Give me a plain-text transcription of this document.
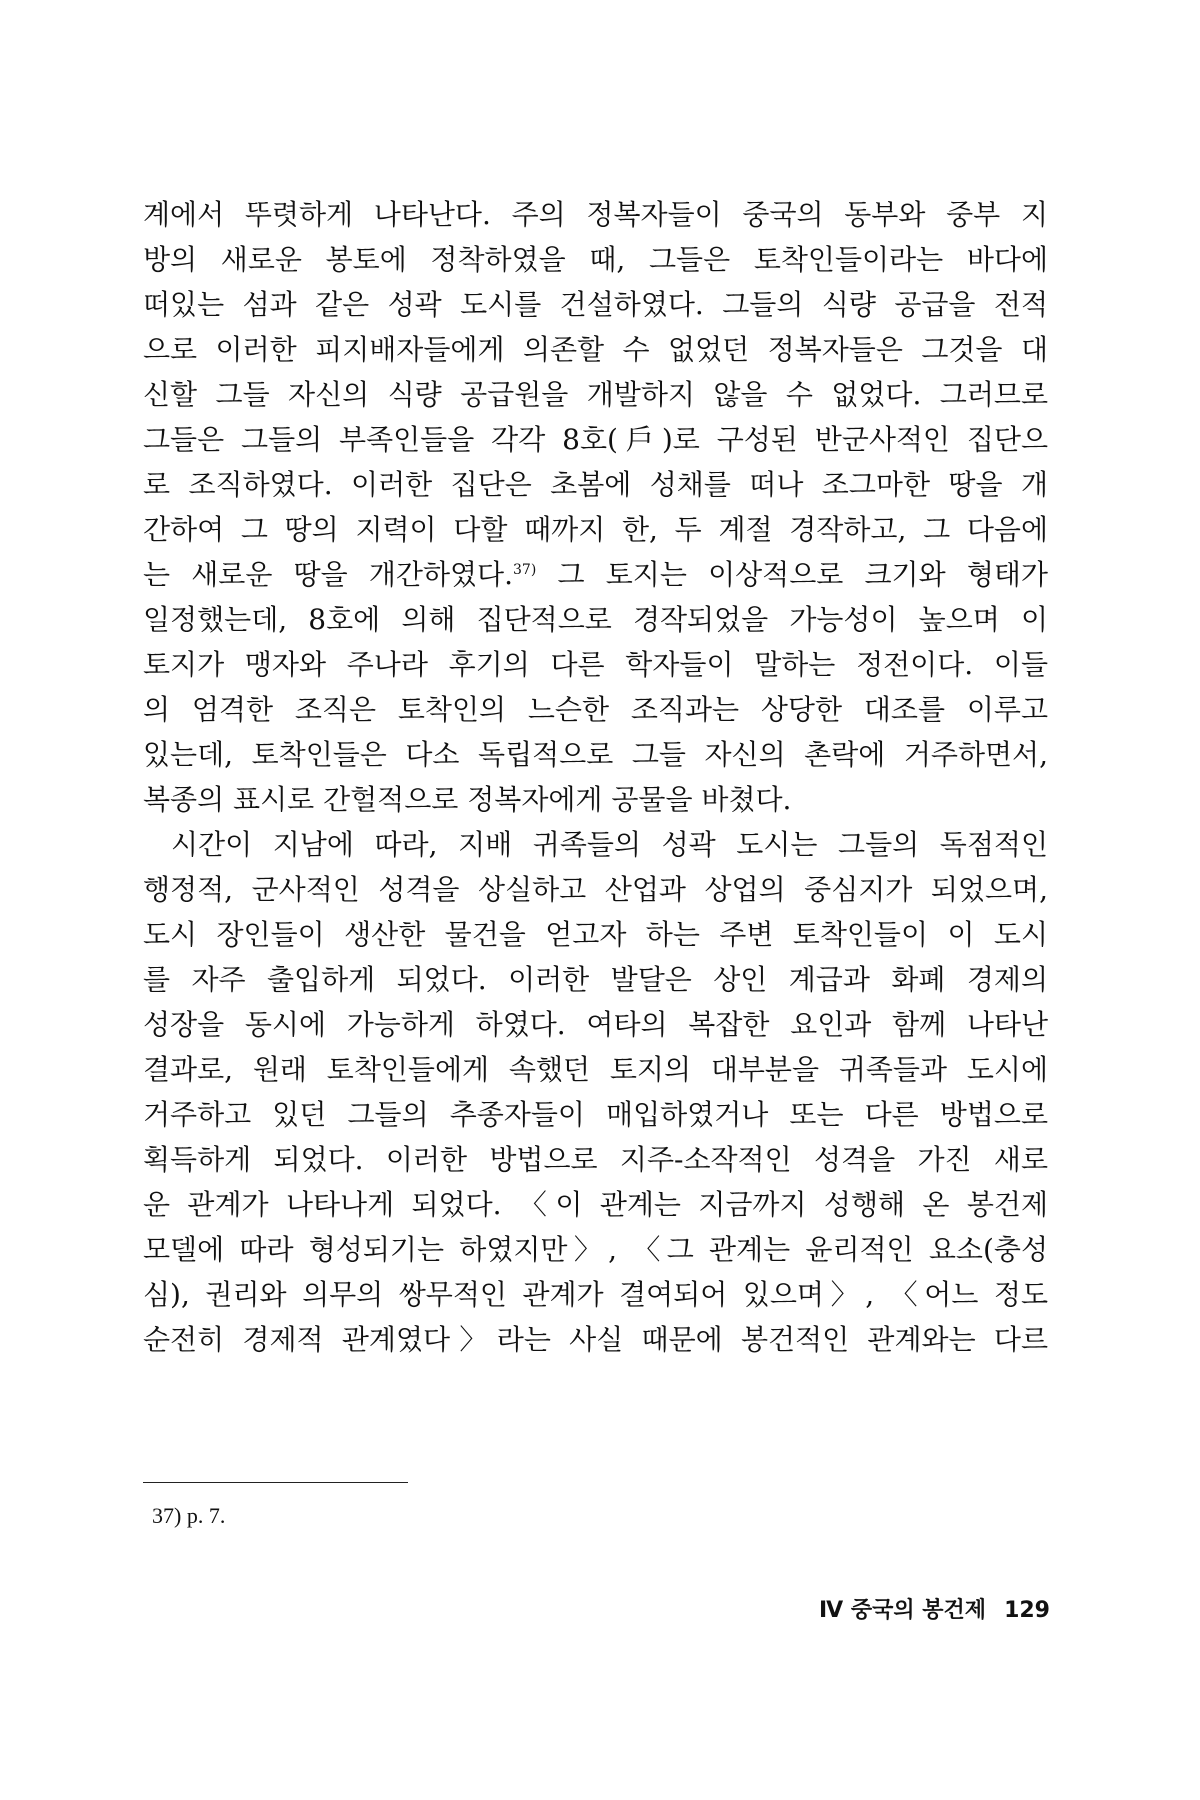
계에서 뚜렷하게 나타난다. 주의 정복자들이 중국의 동부와 중부 지
방의 새로운 봉토에 정착하였을 때, 그들은 토착인들이라는 바다에
떠있는 섬과 같은 성곽 도시를 건설하였다. 그들의 식량 공급을 전적
으로 이러한 피지배자들에게 의존할 수 없었던 정복자들은 그것을 대
신할 그들 자신의 식량 공급원을 개발하지 않을 수 없었다. 그러므로
그들은 그들의 부족인들을 각각 8호(戶)로 구성된 반군사적인 집단으
로 조직하였다. 이러한 집단은 초봄에 성채를 떠나 조그마한 땅을 개
간하여 그 땅의 지력이 다할 때까지 한, 두 계절 경작하고, 그 다음에
는 새로운 땅을 개간하였다.$^{37)}$ 그 토지는 이상적으로 크기와 형태가
일정했는데, 8호에 의해 집단적으로 경작되었을 가능성이 높으며 이
토지가 맹자와 주나라 후기의 다른 학자들이 말하는 정전이다. 이들
의 엄격한 조직은 토착인의 느슨한 조직과는 상당한 대조를 이루고
있는데, 토착인들은 다소 독립적으로 그들 자신의 촌락에 거주하면서,
복종의 표시로 간헐적으로 정복자에게 공물을 바쳤다.
시간이 지남에 따라, 지배 귀족들의 성곽 도시는 그들의 독점적인
행정적, 군사적인 성격을 상실하고 산업과 상업의 중심지가 되었으며,
도시 장인들이 생산한 물건을 얻고자 하는 주변 토착인들이 이 도시
를 자주 출입하게 되었다. 이러한 발달은 상인 계급과 화폐 경제의
성장을 동시에 가능하게 하였다. 여타의 복잡한 요인과 함께 나타난
결과로, 원래 토착인들에게 속했던 토지의 대부분을 귀족들과 도시에
거주하고 있던 그들의 추종자들이 매입하였거나 또는 다른 방법으로
획득하게 되었다. 이러한 방법으로 지주-소작적인 성격을 가진 새로
운 관계가 나타나게 되었다. 〈이 관계는 지금까지 성행해 온 봉건제
모델에 따라 형성되기는 하였지만〉, 〈그 관계는 윤리적인 요소(충성
심), 권리와 의무의 쌍무적인 관계가 결여되어 있으며〉, 〈어느 정도
순전히 경제적 관계였다〉라는 사실 때문에 봉건적인 관계와는 다르
37) p. 7.
Ⅳ 중국의 봉건제 129
